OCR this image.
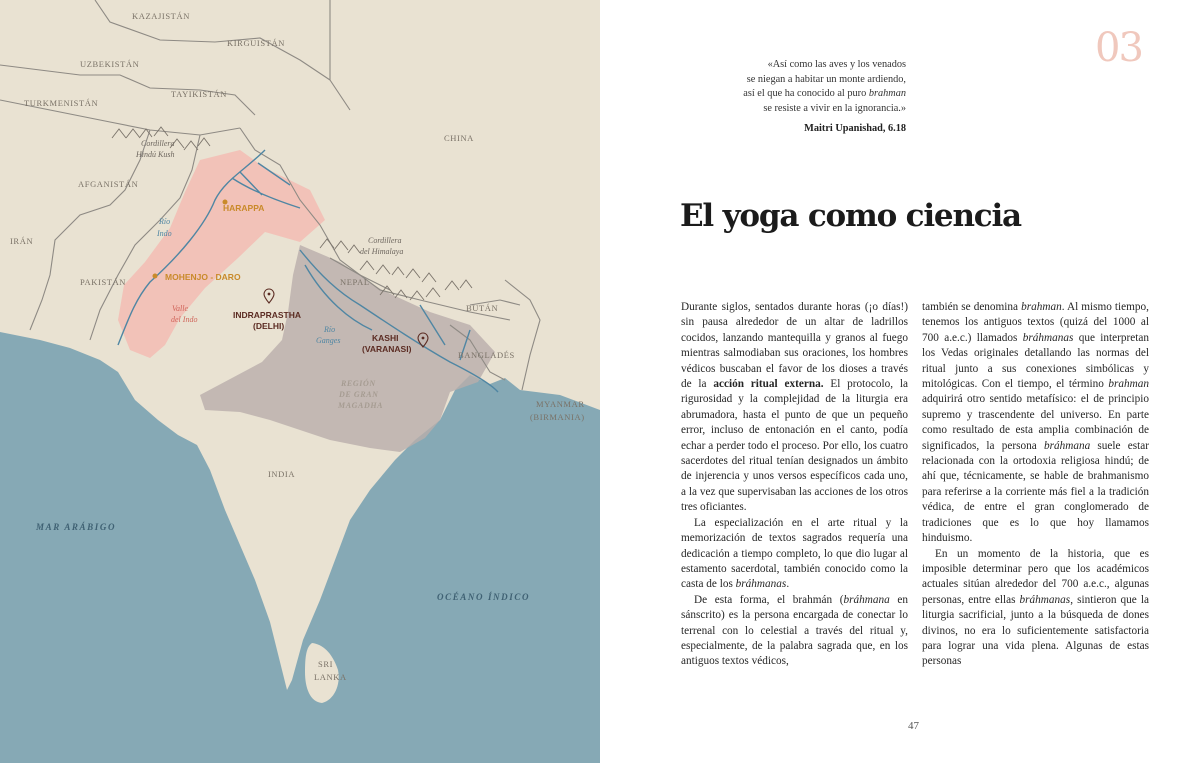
KAZAJISTÁN
KIRGUISTÁN
UZBEKISTÁN
TURKMENISTÁN
TAYIKISTÁN
CHINA
AFGANISTÁN
IRÁN
PAKISTÁN	NEPAL
BUTÁN
BANGLADÉS
INDIA
MYANMAR
(BIRMANIA)
SRI
LANKA
Cordillera
Hindú Kush
Cordillera
del Himalaya
Río
Indo
Río
Ganges
HARAPPA
MOHENJO - DARO
INDRAPRASTHA
(DELHI)
KASHI
(VARANASI)
Valle
del Indo
REGIÓN
DE GRAN
MAGADHA
MAR ARÁBIGO
OCÉANO ÍNDICO
03

«Así como las aves y los venados

se niegan a habitar un monte ardiendo,

así el que ha conocido al puro brahman

se resiste a vivir en la ignorancia.»

Maitri Upanishad, 6.18

El yoga como ciencia

Durante siglos, sentados durante horas (¡o días!) sin pausa alrededor de un altar de ladrillos cocidos, lanzando mantequilla y granos al fuego mientras salmodiaban sus oraciones, los hombres védicos buscaban el favor de los dioses a través de la acción ritual externa. El protocolo, la rigurosidad y la complejidad de la liturgia era abrumadora, hasta el punto de que un pequeño error, incluso de entonación en el canto, podía echar a perder todo el proceso. Por ello, los cuatro sacerdotes del ritual tenían designados un ámbito de injerencia y unos versos específicos cada uno, a la vez que supervisaban las acciones de los otros tres oficiantes.

La especialización en el arte ritual y la memorización de textos sagrados requería una dedicación a tiempo completo, lo que dio lugar al estamento sacerdotal, también conocido como la casta de los bráhmanas.

De esta forma, el brahmán (bráhmana en sánscrito) es la persona encargada de conectar lo terrenal con lo celestial a través del ritual y, especialmente, de la palabra sagrada que, en los antiguos textos védicos,

también se denomina brahman. Al mismo tiempo, tenemos los antiguos textos (quizá del 1000 al 700 a.e.c.) llamados bráhmanas que interpretan los Vedas originales detallando las normas del ritual junto a sus conexiones simbólicas y mitológicas. Con el tiempo, el término brahman adquirirá otro sentido metafísico: el de principio supremo y trascendente del universo. En parte como resultado de esta amplia combinación de significados, la persona bráhmana suele estar relacionada con la ortodoxia religiosa hindú; de ahí que, técnicamente, se hable de brahmanismo para referirse a la corriente más fiel a la tradición védica, de entre el gran conglomerado de tradiciones que es lo que hoy llamamos hinduismo.

En un momento de la historia, que es imposible determinar pero que los académicos actuales sitúan alrededor del 700 a.e.c., algunas personas, entre ellas bráhmanas, sintieron que la liturgia sacrificial, junto a la búsqueda de dones divinos, no era lo suficientemente satisfactoria para lograr una vida plena. Algunas de estas personas

47
